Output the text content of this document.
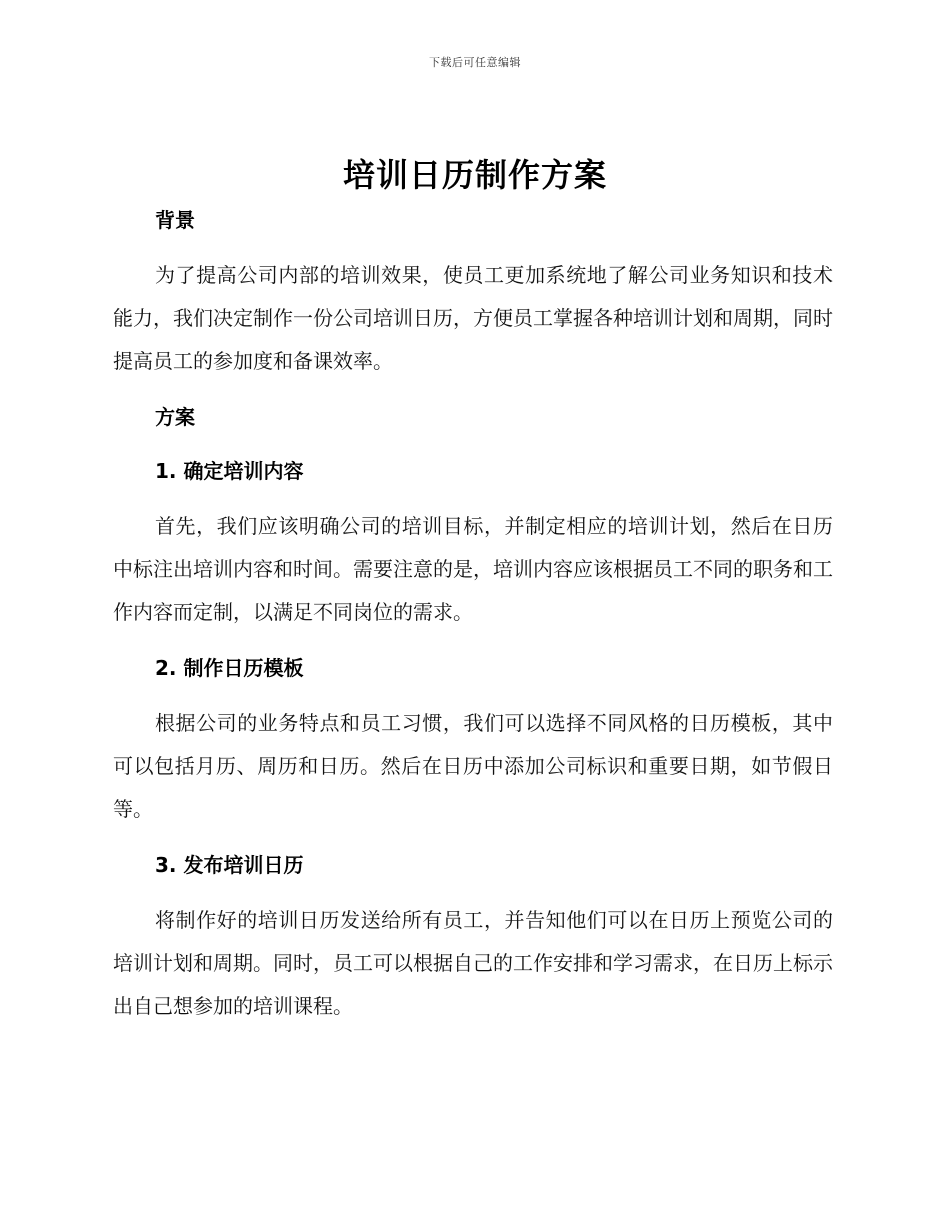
下载后可任意编辑
培训日历制作方案
背景

为了提高公司内部的培训效果，使员工更加系统地了解公司业务知识和技术能力，我们决定制作一份公司培训日历，方便员工掌握各种培训计划和周期，同时提高员工的参加度和备课效率。

方案
1. 确定培训内容

首先，我们应该明确公司的培训目标，并制定相应的培训计划，然后在日历中标注出培训内容和时间。需要注意的是，培训内容应该根据员工不同的职务和工作内容而定制，以满足不同岗位的需求。

2. 制作日历模板

根据公司的业务特点和员工习惯，我们可以选择不同风格的日历模板，其中可以包括月历、周历和日历。然后在日历中添加公司标识和重要日期，如节假日等。

3. 发布培训日历

将制作好的培训日历发送给所有员工，并告知他们可以在日历上预览公司的培训计划和周期。同时，员工可以根据自己的工作安排和学习需求，在日历上标示出自己想参加的培训课程。
